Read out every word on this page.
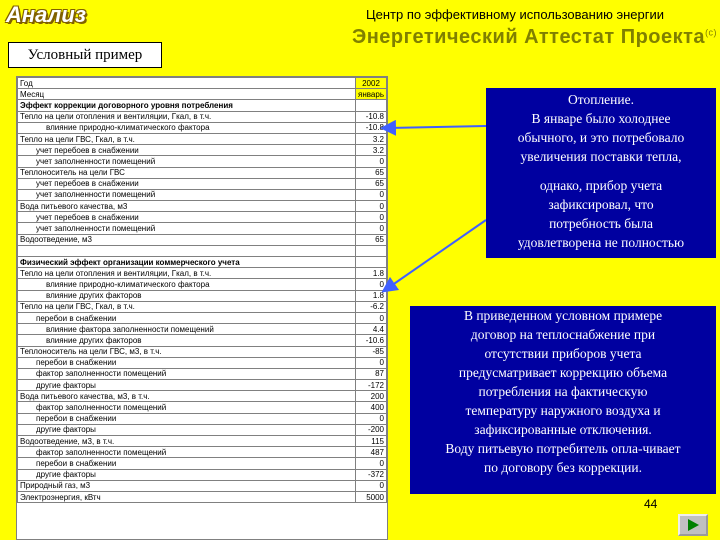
Анализ	Центр по эффективному использованию энергии
Энергетический Аттестат Проекта$^{(c)}$
Условный пример
Год	2002
Месяц	январь
Эффект коррекции договорного уровня потребления	
Тепло на цели отопления и вентиляции, Гкал, в т.ч.	-10.8
влияние природно-климатического фактора	-10.8
Тепло на цели ГВС, Гкал, в т.ч.	3.2
учет перебоев в снабжении	3.2
учет заполненности помещений	0
Теплоноситель на цели ГВС	65
учет перебоев в снабжении	65
учет заполненности помещений	0
Вода питьевого качества, м3	0
учет перебоев в снабжении	0
учет заполненности помещений	0
Водоотведение, м3	65

Физический эффект организации коммерческого учета	
Тепло на цели отопления и вентиляции, Гкал, в т.ч.	1.8
влияние природно-климатического фактора	0
влияние других факторов	1.8
Тепло на цели ГВС, Гкал, в т.ч.	-6.2
перебои в снабжении	0
влияние фактора заполненности помещений	4.4
влияние других факторов	-10.6
Теплоноситель на цели ГВС, м3, в т.ч.	-85
перебои в снабжении	0
фактор заполненности помещений	87
другие факторы	-172
Вода питьевого качества, м3, в т.ч.	200
фактор заполненности помещений	400
перебои в снабжении	0
другие факторы	-200
Водоотведение, м3, в т.ч.	115
фактор заполненности помещений	487
перебои в снабжении	0
другие факторы	-372
Природный газ, м3	0
Электроэнергия, кВтч	5000
Отопление.
В январе было холоднее
обычного, и это потребовало
увеличения поставки тепла,
однако, прибор учета
зафиксировал, что
потребность была
удовлетворена не полностью
В приведенном условном примере
договор на теплоснабжение при
отсутствии приборов учета
предусматривает коррекцию объема
потребления на фактическую
температуру наружного воздуха и
зафиксированные отключения.
Воду питьевую потребитель опла-чивает
по договору без коррекции.
44
